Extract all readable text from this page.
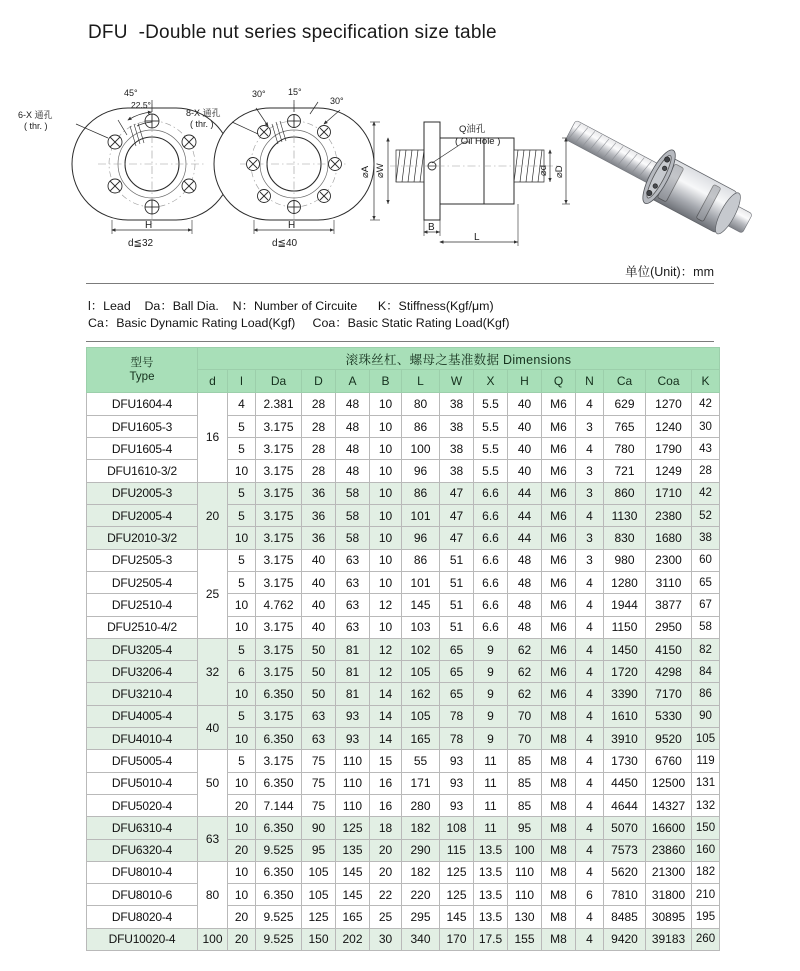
DFU  -Double nut series specification size table
6-X 通孔
( thr. )
45°
22.5°
H
d≦32
8-X 通孔
( thr. )
30° 15°
30°
H
d≦40
Q油孔
( Oil Hole )
⌀A ⌀W	⌀d ⌀D
B
L
单位(Unit)：mm
l：Lead    Da：Ball Dia.    N：Number of Circuite      K：Stiffness(Kgf/μm)
Ca：Basic Dynamic Rating Load(Kgf)     Coa：Basic Static Rating Load(Kgf)
型号
Type	滚珠丝杠、螺母之基准数据 Dimensions														
	d	l	Da	D	A	B	L	W	X	H	Q	N	Ca	Coa	K
DFU1604-4	16	4	2.381	28	48	10	80	38	5.5	40	M6	4	629	1270	42
DFU1605-3		5	3.175	28	48	10	86	38	5.5	40	M6	3	765	1240	30
DFU1605-4		5	3.175	28	48	10	100	38	5.5	40	M6	4	780	1790	43
DFU1610-3/2		10	3.175	28	48	10	96	38	5.5	40	M6	3	721	1249	28
DFU2005-3	20	5	3.175	36	58	10	86	47	6.6	44	M6	3	860	1710	42
DFU2005-4		5	3.175	36	58	10	101	47	6.6	44	M6	4	1130	2380	52
DFU2010-3/2		10	3.175	36	58	10	96	47	6.6	44	M6	3	830	1680	38
DFU2505-3	25	5	3.175	40	63	10	86	51	6.6	48	M6	3	980	2300	60
DFU2505-4		5	3.175	40	63	10	101	51	6.6	48	M6	4	1280	3110	65
DFU2510-4		10	4.762	40	63	12	145	51	6.6	48	M6	4	1944	3877	67
DFU2510-4/2		10	3.175	40	63	10	103	51	6.6	48	M6	4	1150	2950	58
DFU3205-4	32	5	3.175	50	81	12	102	65	9	62	M6	4	1450	4150	82
DFU3206-4		6	3.175	50	81	12	105	65	9	62	M6	4	1720	4298	84
DFU3210-4		10	6.350	50	81	14	162	65	9	62	M6	4	3390	7170	86
DFU4005-4	40	5	3.175	63	93	14	105	78	9	70	M8	4	1610	5330	90
DFU4010-4		10	6.350	63	93	14	165	78	9	70	M8	4	3910	9520	105
DFU5005-4	50	5	3.175	75	110	15	55	93	11	85	M8	4	1730	6760	119
DFU5010-4		10	6.350	75	110	16	171	93	11	85	M8	4	4450	12500	131
DFU5020-4		20	7.144	75	110	16	280	93	11	85	M8	4	4644	14327	132
DFU6310-4	63	10	6.350	90	125	18	182	108	11	95	M8	4	5070	16600	150
DFU6320-4		20	9.525	95	135	20	290	115	13.5	100	M8	4	7573	23860	160
DFU8010-4	80	10	6.350	105	145	20	182	125	13.5	110	M8	4	5620	21300	182
DFU8010-6		10	6.350	105	145	22	220	125	13.5	110	M8	6	7810	31800	210
DFU8020-4		20	9.525	125	165	25	295	145	13.5	130	M8	4	8485	30895	195
DFU10020-4	100	20	9.525	150	202	30	340	170	17.5	155	M8	4	9420	39183	260
